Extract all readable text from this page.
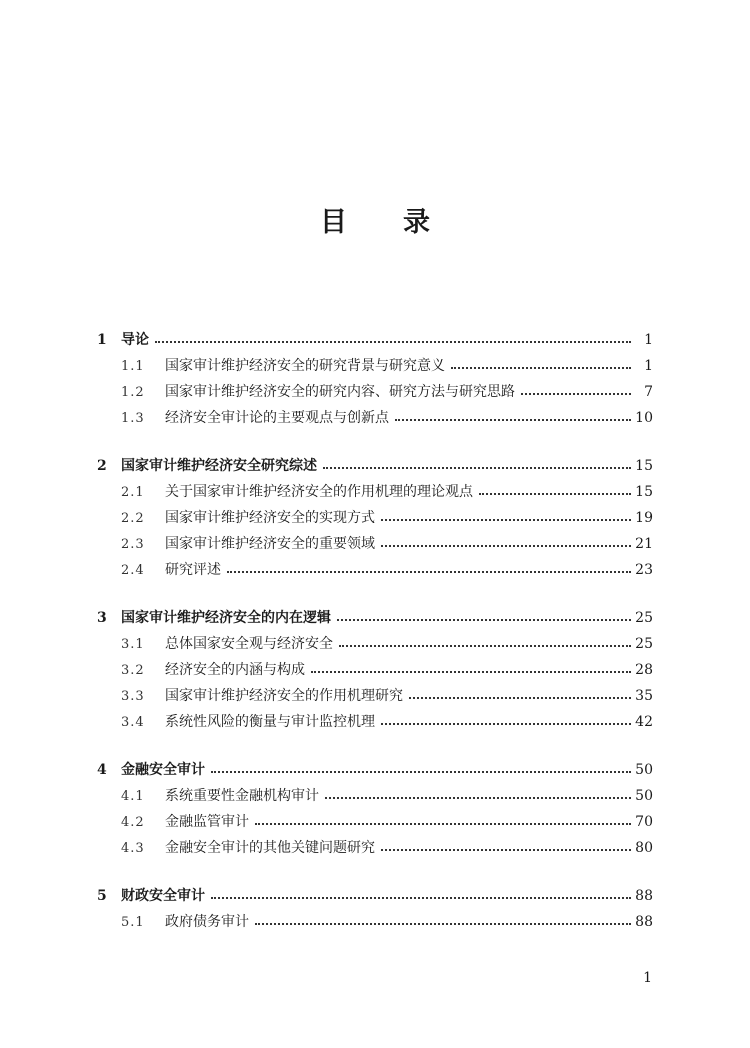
目 录
1	导论	1
1.1	国家审计维护经济安全的研究背景与研究意义	1
1.2	国家审计维护经济安全的研究内容、研究方法与研究思路	7
1.3	经济安全审计论的主要观点与创新点	10
2	国家审计维护经济安全研究综述	15
2.1	关于国家审计维护经济安全的作用机理的理论观点	15
2.2	国家审计维护经济安全的实现方式	19
2.3	国家审计维护经济安全的重要领域	21
2.4	研究评述	23
3	国家审计维护经济安全的内在逻辑	25
3.1	总体国家安全观与经济安全	25
3.2	经济安全的内涵与构成	28
3.3	国家审计维护经济安全的作用机理研究	35
3.4	系统性风险的衡量与审计监控机理	42
4	金融安全审计	50
4.1	系统重要性金融机构审计	50
4.2	金融监管审计	70
4.3	金融安全审计的其他关键问题研究	80
5	财政安全审计	88
5.1	政府债务审计	88
1
